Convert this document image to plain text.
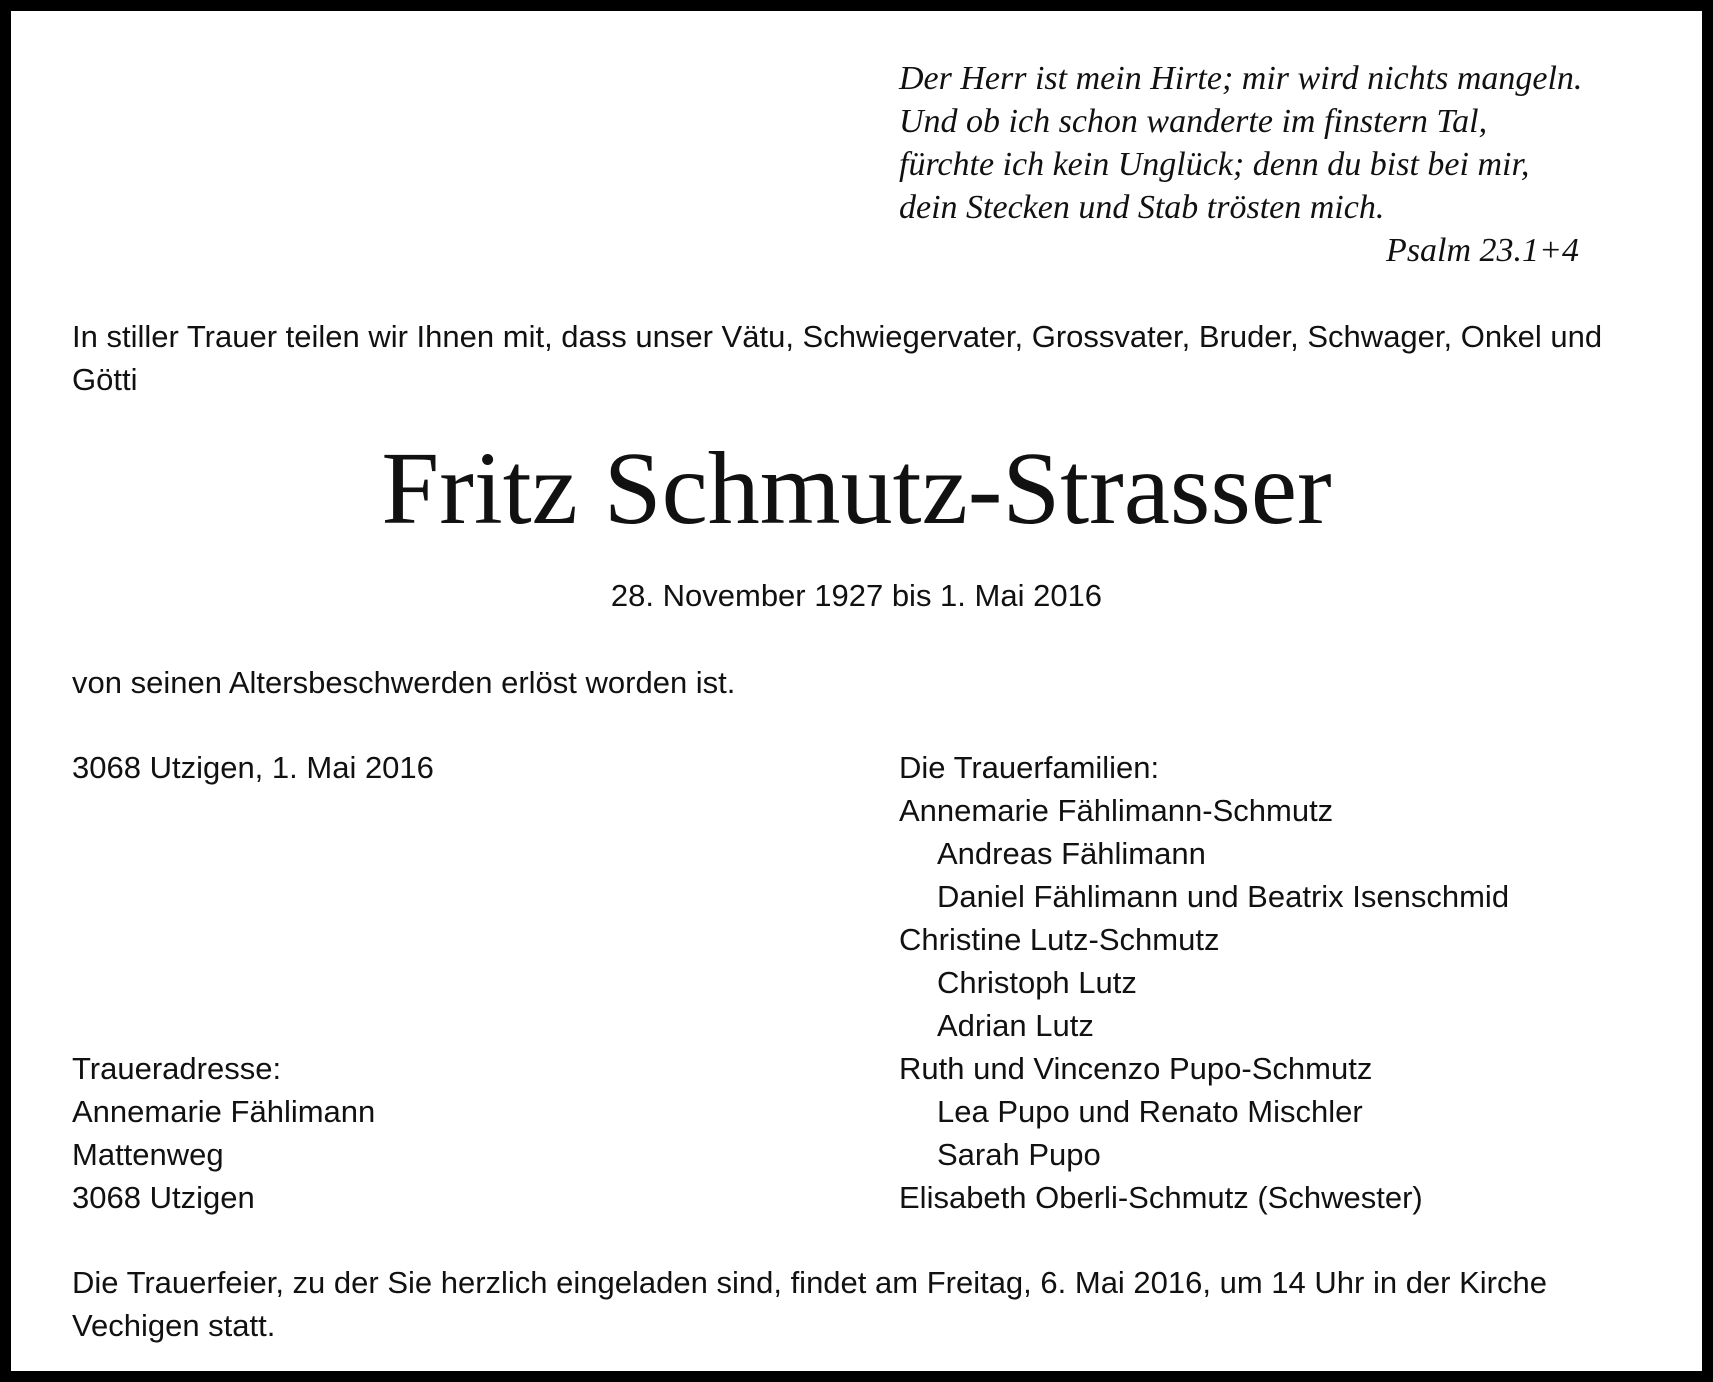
Der Herr ist mein Hirte; mir wird nichts mangeln.
Und ob ich schon wanderte im finstern Tal,
fürchte ich kein Unglück; denn du bist bei mir,
dein Stecken und Stab trösten mich.
Psalm 23.1+4
In stiller Trauer teilen wir Ihnen mit, dass unser Vätu, Schwiegervater, Grossvater, Bruder, Schwager, Onkel und
Götti
Fritz Schmutz-Strasser
28. November 1927 bis 1. Mai 2016
von seinen Altersbeschwerden erlöst worden ist.
3068 Utzigen, 1. Mai 2016
Traueradresse:
Annemarie Fählimann
Mattenweg
3068 Utzigen
Die Trauerfamilien:
Annemarie Fählimann-Schmutz
Andreas Fählimann
Daniel Fählimann und Beatrix Isenschmid
Christine Lutz-Schmutz
Christoph Lutz
Adrian Lutz
Ruth und Vincenzo Pupo-Schmutz
Lea Pupo und Renato Mischler
Sarah Pupo
Elisabeth Oberli-Schmutz (Schwester)
Die Trauerfeier, zu der Sie herzlich eingeladen sind, findet am Freitag, 6. Mai 2016, um 14 Uhr in der Kirche
Vechigen statt.
